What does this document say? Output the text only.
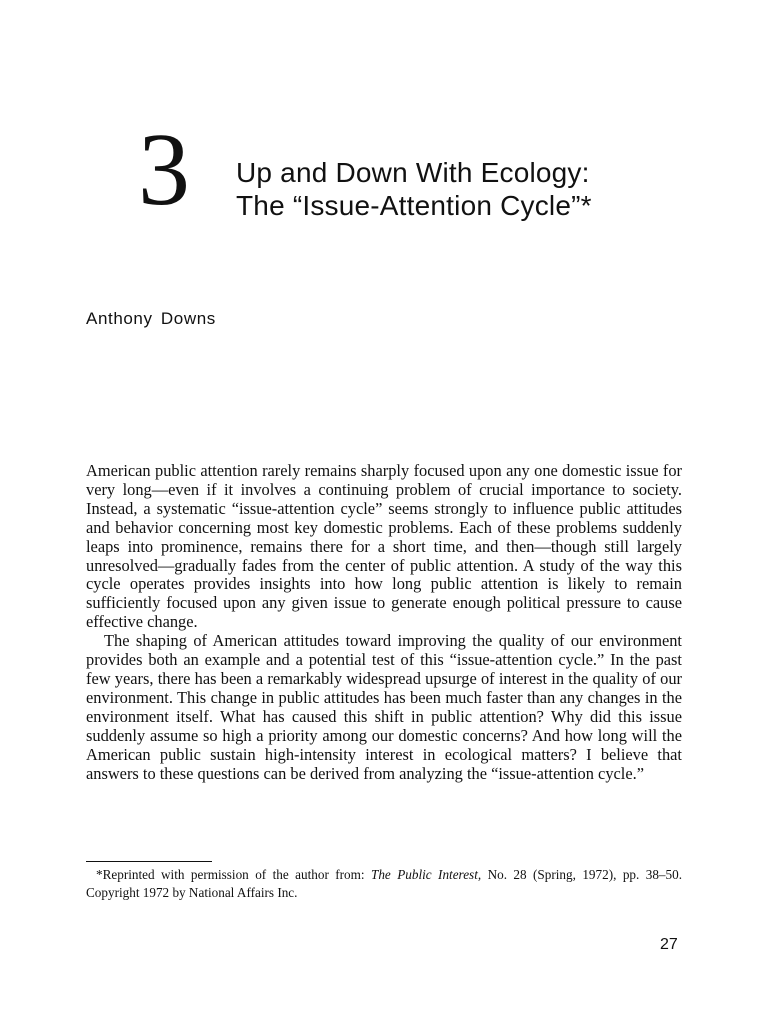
3 Up and Down With Ecology:
The “Issue-Attention Cycle”*
Anthony Downs

American public attention rarely remains sharply focused upon any one domestic issue for very long—even if it involves a continuing problem of crucial importance to society. Instead, a systematic “issue-attention cycle” seems strongly to influence public attitudes and behavior concerning most key domestic problems. Each of these problems suddenly leaps into prominence, remains there for a short time, and then—though still largely unresolved—gradually fades from the center of public attention. A study of the way this cycle operates provides insights into how long public attention is likely to remain sufficiently focused upon any given issue to generate enough political pressure to cause effective change.

The shaping of American attitudes toward improving the quality of our environment provides both an example and a potential test of this “issue-attention cycle.” In the past few years, there has been a remarkably widespread upsurge of interest in the quality of our environment. This change in public attitudes has been much faster than any changes in the environment itself. What has caused this shift in public attention? Why did this issue suddenly assume so high a priority among our domestic concerns? And how long will the American public sustain high-intensity interest in ecological matters? I believe that answers to these questions can be derived from analyzing the “issue-attention cycle.”

*Reprinted with permission of the author from: The Public Interest, No. 28 (Spring, 1972), pp. 38–50. Copyright 1972 by National Affairs Inc.
27
